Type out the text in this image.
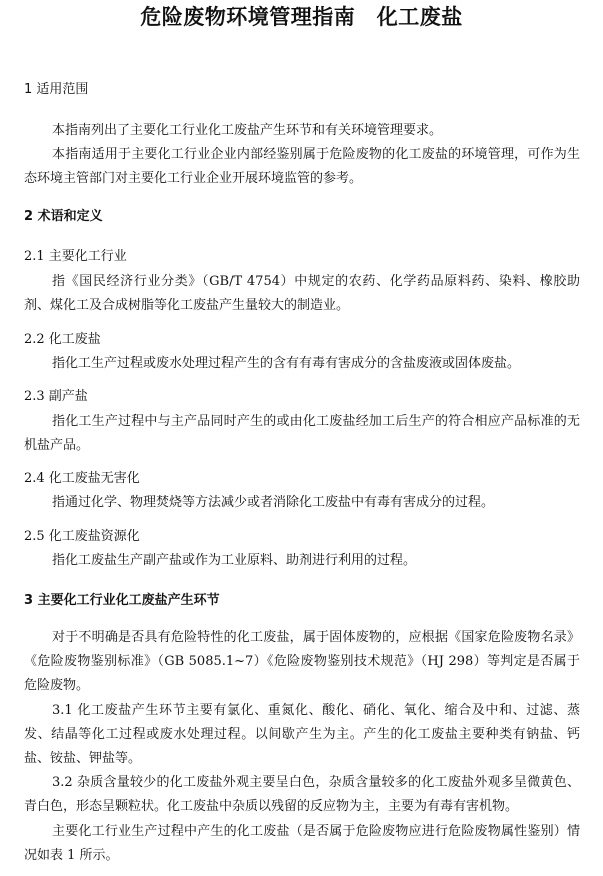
危险废物环境管理指南　化工废盐
1 适用范围
本指南列出了主要化工行业化工废盐产生环节和有关环境管理要求。
本指南适用于主要化工行业企业内部经鉴别属于危险废物的化工废盐的环境管理，可作为生态环境主管部门对主要化工行业企业开展环境监管的参考。
2 术语和定义
2.1 主要化工行业
指《国民经济行业分类》（GB/T 4754）中规定的农药、化学药品原料药、染料、橡胶助剂、煤化工及合成树脂等化工废盐产生量较大的制造业。
2.2 化工废盐
指化工生产过程或废水处理过程产生的含有有毒有害成分的含盐废液或固体废盐。
2.3 副产盐
指化工生产过程中与主产品同时产生的或由化工废盐经加工后生产的符合相应产品标准的无机盐产品。
2.4 化工废盐无害化
指通过化学、物理焚烧等方法减少或者消除化工废盐中有毒有害成分的过程。
2.5 化工废盐资源化
指化工废盐生产副产盐或作为工业原料、助剂进行利用的过程。
3 主要化工行业化工废盐产生环节
对于不明确是否具有危险特性的化工废盐，属于固体废物的，应根据《国家危险废物名录》《危险废物鉴别标准》（GB 5085.1~7）《危险废物鉴别技术规范》（HJ 298）等判定是否属于危险废物。
3.1 化工废盐产生环节主要有氯化、重氮化、酸化、硝化、氧化、缩合及中和、过滤、蒸发、结晶等化工过程或废水处理过程。以间歇产生为主。产生的化工废盐主要种类有钠盐、钙盐、铵盐、钾盐等。
3.2 杂质含量较少的化工废盐外观主要呈白色，杂质含量较多的化工废盐外观多呈微黄色、青白色，形态呈颗粒状。化工废盐中杂质以残留的反应物为主，主要为有毒有害机物。
主要化工行业生产过程中产生的化工废盐（是否属于危险废物应进行危险废物属性鉴别）情况如表 1 所示。
